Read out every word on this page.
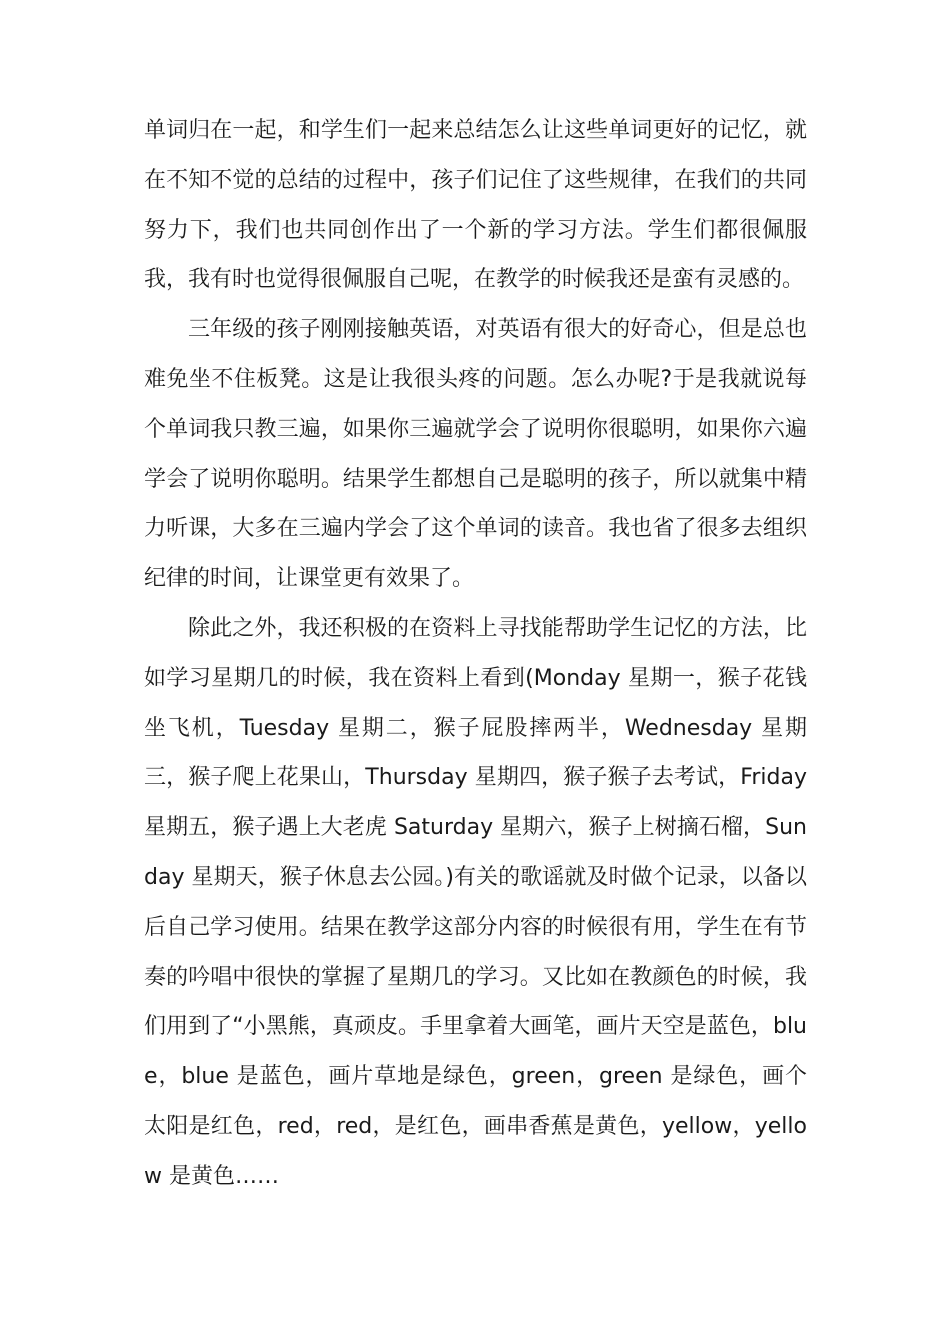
单词归在一起，和学生们一起来总结怎么让这些单词更好的记忆，就在不知不觉的总结的过程中，孩子们记住了这些规律，在我们的共同努力下，我们也共同创作出了一个新的学习方法。学生们都很佩服我，我有时也觉得很佩服自己呢，在教学的时候我还是蛮有灵感的。

三年级的孩子刚刚接触英语，对英语有很大的好奇心，但是总也难免坐不住板凳。这是让我很头疼的问题。怎么办呢?于是我就说每个单词我只教三遍，如果你三遍就学会了说明你很聪明，如果你六遍学会了说明你聪明。结果学生都想自己是聪明的孩子，所以就集中精力听课，大多在三遍内学会了这个单词的读音。我也省了很多去组织纪律的时间，让课堂更有效果了。

除此之外，我还积极的在资料上寻找能帮助学生记忆的方法，比如学习星期几的时候，我在资料上看到(Monday 星期一，猴子花钱坐飞机，Tuesday 星期二，猴子屁股摔两半，Wednesday 星期三，猴子爬上花果山，Thursday 星期四，猴子猴子去考试，Friday 星期五，猴子遇上大老虎 Saturday 星期六，猴子上树摘石榴，Sunday 星期天，猴子休息去公园。)有关的歌谣就及时做个记录，以备以后自己学习使用。结果在教学这部分内容的时候很有用，学生在有节奏的吟唱中很快的掌握了星期几的学习。又比如在教颜色的时候，我们用到了“小黑熊，真顽皮。手里拿着大画笔，画片天空是蓝色，blue，blue 是蓝色，画片草地是绿色，green，green 是绿色，画个太阳是红色，red，red，是红色，画串香蕉是黄色，yellow，yellow 是黄色……
